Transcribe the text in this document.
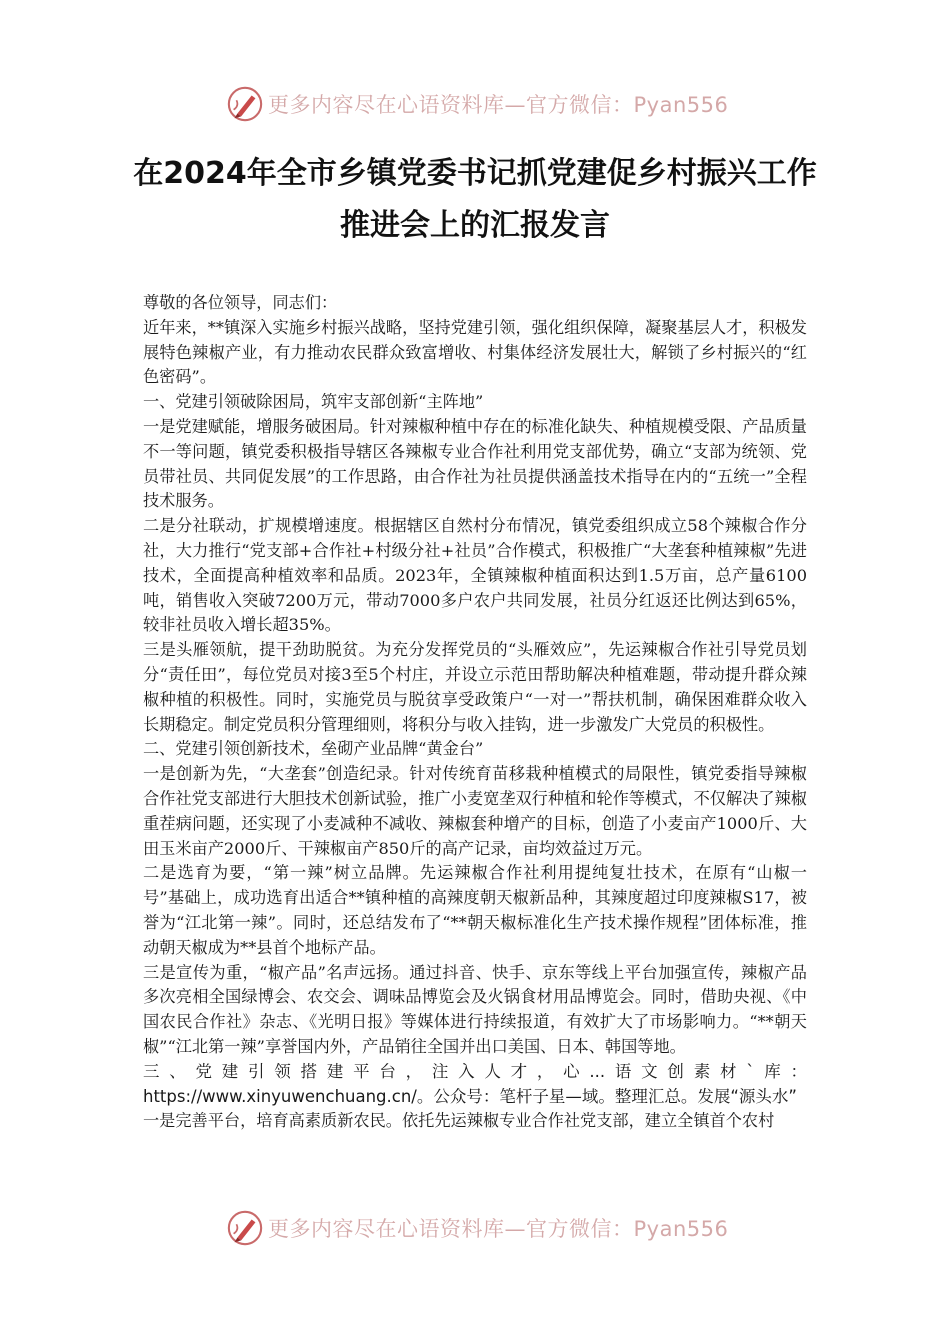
更多内容尽在心语资料库—官方微信：Pyan556
在2024年全市乡镇党委书记抓党建促乡村振兴工作
推进会上的汇报发言

尊敬的各位领导，同志们：

近年来，**镇深入实施乡村振兴战略，坚持党建引领，强化组织保障，凝聚基层人才，积极发展特色辣椒产业，有力推动农民群众致富增收、村集体经济发展壮大，解锁了乡村振兴的“红色密码”。

一、党建引领破除困局，筑牢支部创新“主阵地”

一是党建赋能，增服务破困局。针对辣椒种植中存在的标准化缺失、种植规模受限、产品质量不一等问题，镇党委积极指导辖区各辣椒专业合作社利用党支部优势，确立“支部为统领、党员带社员、共同促发展”的工作思路，由合作社为社员提供涵盖技术指导在内的“五统一”全程技术服务。

二是分社联动，扩规模增速度。根据辖区自然村分布情况，镇党委组织成立58个辣椒合作分社，大力推行“党支部+合作社+村级分社+社员”合作模式，积极推广“大垄套种植辣椒”先进技术，全面提高种植效率和品质。2023年，全镇辣椒种植面积达到1.5万亩，总产量6100吨，销售收入突破7200万元，带动7000多户农户共同发展，社员分红返还比例达到65%，较非社员收入增长超35%。

三是头雁领航，提干劲助脱贫。为充分发挥党员的“头雁效应”，先运辣椒合作社引导党员划分“责任田”，每位党员对接3至5个村庄，并设立示范田帮助解决种植难题，带动提升群众辣椒种植的积极性。同时，实施党员与脱贫享受政策户“一对一”帮扶机制，确保困难群众收入长期稳定。制定党员积分管理细则，将积分与收入挂钩，进一步激发广大党员的积极性。

二、党建引领创新技术，垒砌产业品牌“黄金台”

一是创新为先，“大垄套”创造纪录。针对传统育苗移栽种植模式的局限性，镇党委指导辣椒合作社党支部进行大胆技术创新试验，推广小麦宽垄双行种植和轮作等模式，不仅解决了辣椒重茬病问题，还实现了小麦减种不减收、辣椒套种增产的目标，创造了小麦亩产1000斤、大田玉米亩产2000斤、干辣椒亩产850斤的高产记录，亩均效益过万元。

二是选育为要，“第一辣”树立品牌。先运辣椒合作社利用提纯复壮技术，在原有“山椒一号”基础上，成功选育出适合**镇种植的高辣度朝天椒新品种，其辣度超过印度辣椒S17，被誉为“江北第一辣”。同时，还总结发布了“**朝天椒标准化生产技术操作规程”团体标准，推动朝天椒成为**县首个地标产品。

三是宣传为重，“椒产品”名声远扬。通过抖音、快手、京东等线上平台加强宣传，辣椒产品多次亮相全国绿博会、农交会、调味品博览会及火锅食材用品博览会。同时，借助央视、《中国农民合作社》杂志、《光明日报》等媒体进行持续报道，有效扩大了市场影响力。“**朝天椒”“江北第一辣”享誉国内外，产品销往全国并出口美国、日本、韩国等地。

三、党建引领搭建平台，注入人才，心...语文创素材`库：https://www.xinyuwenchuang.cn/。公众号：笔杆子星—域。整理汇总。发展“源头水”

一是完善平台，培育高素质新农民。依托先运辣椒专业合作社党支部，建立全镇首个农村

更多内容尽在心语资料库—官方微信：Pyan556
